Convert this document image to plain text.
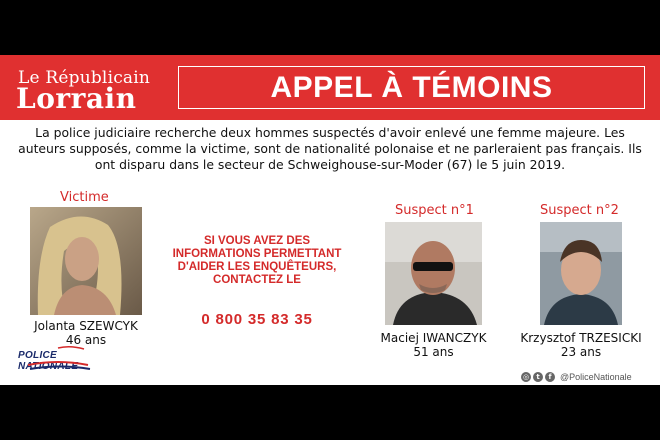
Le Républicain
Lorrain	APPEL À TÉMOINS
La police judiciaire recherche deux hommes suspectés d'avoir enlevé une femme majeure. Les auteurs supposés, comme la victime, sont de nationalité polonaise et ne parleraient pas français. Ils ont disparu dans le secteur de Schweighouse-sur-Moder (67) le 5 juin 2019.
Victime
Jolanta SZEWCYK
46 ans
SI VOUS AVEZ DES INFORMATIONS PERMETTANT D'AIDER LES ENQUÊTEURS, CONTACTEZ LE
0 800 35 83 35
Suspect n°1
Maciej IWANCZYK
51 ans
Suspect n°2
Krzysztof TRZESICKI
23 ans
POLICE NATIONALE
◎	t	f @PoliceNationale
